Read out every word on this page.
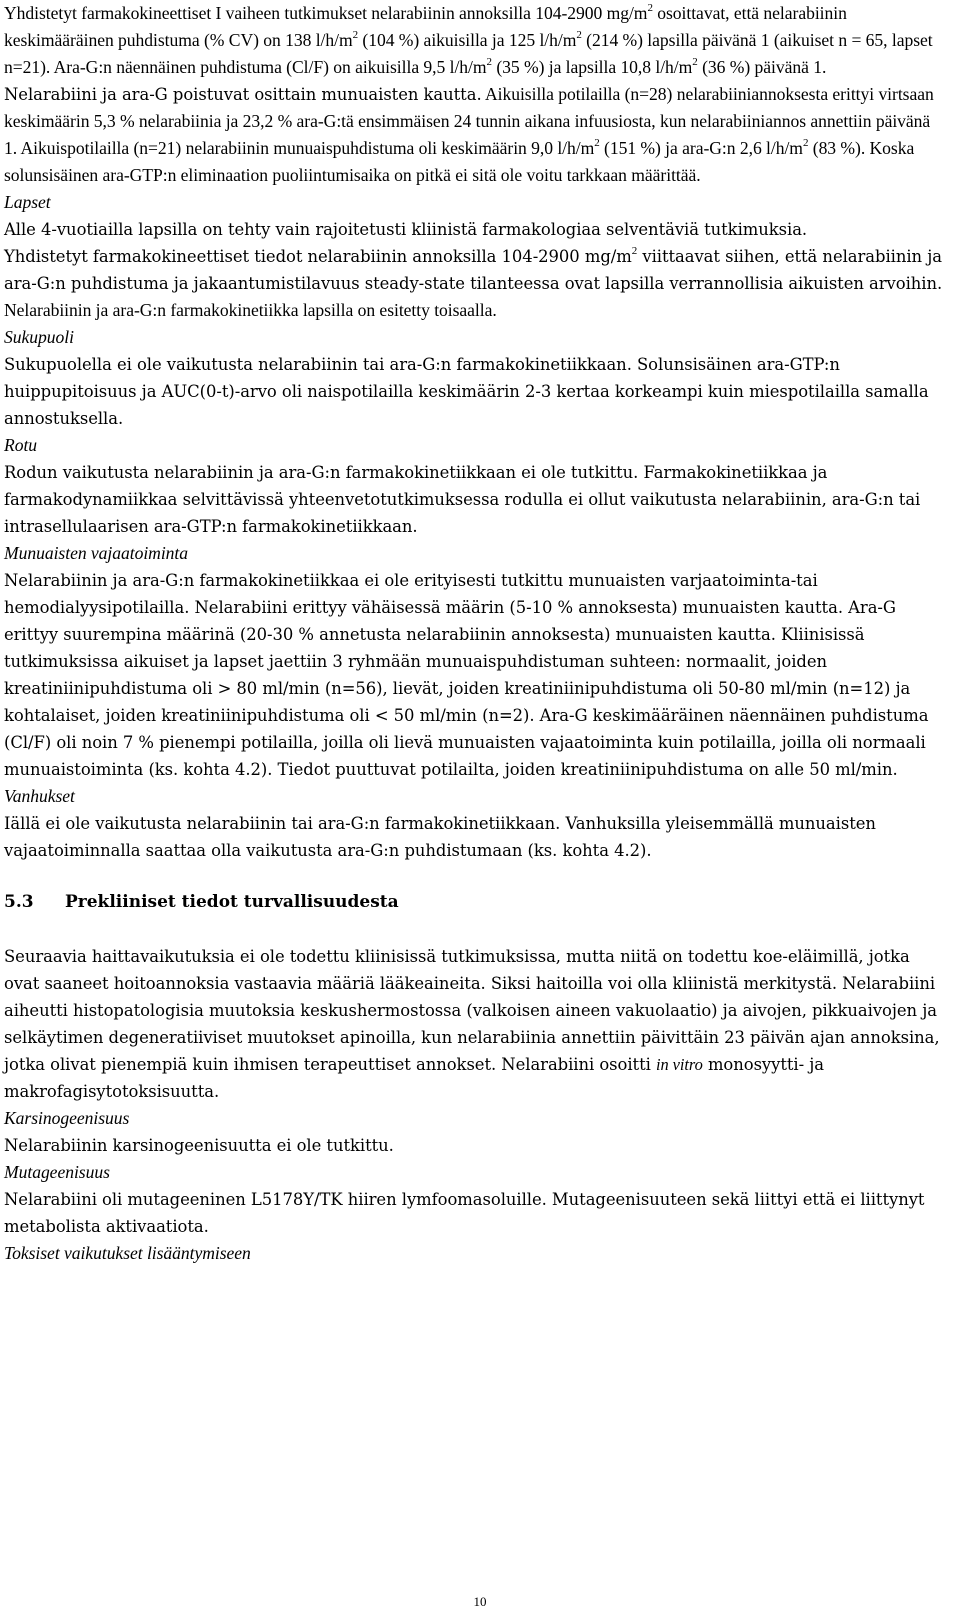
Yhdistetyt farmakokineettiset I vaiheen tutkimukset nelarabiinin annoksilla 104-2900 $mg/m^2$ osoittavat, että nelarabiinin keskimääräinen puhdistuma (% CV) on 138 $l/h/m^2$ (104 %) aikuisilla ja 125 $l/h/m^2$ (214 %) lapsilla päivänä 1 (aikuiset n = 65, lapset n=21). Ara-G:n näennäinen puhdistuma (Cl/F) on aikuisilla 9,5 $l/h/m^2$ (35 %) ja lapsilla 10,8 $l/h/m^2$ (36 %) päivänä 1.

Nelarabiini ja ara-G poistuvat osittain munuaisten kautta. Aikuisilla potilailla (n=28) nelarabiiniannoksesta erittyi virtsaan keskimäärin 5,3 % nelarabiinia ja 23,2 % ara-G:tä ensimmäisen 24 tunnin aikana infuusiosta, kun nelarabiiniannos annettiin päivänä 1. Aikuispotilailla (n=21) nelarabiinin munuaispuhdistuma oli keskimäärin 9,0 $l/h/m^2$ (151 %) ja ara-G:n 2,6 $l/h/m^2$ (83 %). Koska solunsisäinen ara-GTP:n eliminaation puoliintumisaika on pitkä ei sitä ole voitu tarkkaan määrittää.

Lapset

Alle 4-vuotiailla lapsilla on tehty vain rajoitetusti kliinistä farmakologiaa selventäviä tutkimuksia.

Yhdistetyt farmakokineettiset tiedot nelarabiinin annoksilla 104-2900 $mg/m^2$ viittaavat siihen, että nelarabiinin ja ara-G:n puhdistuma ja jakaantumistilavuus steady-state tilanteessa ovat lapsilla verrannollisia aikuisten arvoihin. Nelarabiinin ja ara-G:n farmakokinetiikka lapsilla on esitetty toisaalla.

Sukupuoli

Sukupuolella ei ole vaikutusta nelarabiinin tai ara-G:n farmakokinetiikkaan. Solunsisäinen ara-GTP:n huippupitoisuus ja AUC(0-t)-arvo oli naispotilailla keskimäärin 2-3 kertaa korkeampi kuin miespotilailla samalla annostuksella.

Rotu

Rodun vaikutusta nelarabiinin ja ara-G:n farmakokinetiikkaan ei ole tutkittu. Farmakokinetiikkaa ja farmakodynamiikkaa selvittävissä yhteenvetotutkimuksessa rodulla ei ollut vaikutusta nelarabiinin, ara-G:n tai intrasellulaarisen ara-GTP:n farmakokinetiikkaan.

Munuaisten vajaatoiminta

Nelarabiinin ja ara-G:n farmakokinetiikkaa ei ole erityisesti tutkittu munuaisten varjaatoiminta-tai hemodialyysipotilailla. Nelarabiini erittyy vähäisessä määrin (5-10 % annoksesta) munuaisten kautta. Ara-G erittyy suurempina määrinä (20-30 % annetusta nelarabiinin annoksesta) munuaisten kautta. Kliinisissä tutkimuksissa aikuiset ja lapset jaettiin 3 ryhmään munuaispuhdistuman suhteen: normaalit, joiden kreatiniinipuhdistuma oli > 80 ml/min (n=56), lievät, joiden kreatiniinipuhdistuma oli 50-80 ml/min (n=12) ja kohtalaiset, joiden kreatiniinipuhdistuma oli < 50 ml/min (n=2). Ara-G keskimääräinen näennäinen puhdistuma (Cl/F) oli noin 7 % pienempi potilailla, joilla oli lievä munuaisten vajaatoiminta kuin potilailla, joilla oli normaali munuaistoiminta (ks. kohta 4.2). Tiedot puuttuvat potilailta, joiden kreatiniinipuhdistuma on alle 50 ml/min.

Vanhukset

Iällä ei ole vaikutusta nelarabiinin tai ara-G:n farmakokinetiikkaan. Vanhuksilla yleisemmällä munuaisten vajaatoiminnalla saattaa olla vaikutusta ara-G:n puhdistumaan (ks. kohta 4.2).

5.3 Prekliiniset tiedot turvallisuudesta

Seuraavia haittavaikutuksia ei ole todettu kliinisissä tutkimuksissa, mutta niitä on todettu koe-eläimillä, jotka ovat saaneet hoitoannoksia vastaavia määriä lääkeaineita. Siksi haitoilla voi olla kliinistä merkitystä. Nelarabiini aiheutti histopatologisia muutoksia keskushermostossa (valkoisen aineen vakuolaatio) ja aivojen, pikkuaivojen ja selkäytimen degeneratiiviset muutokset apinoilla, kun nelarabiinia annettiin päivittäin 23 päivän ajan annoksina, jotka olivat pienempiä kuin ihmisen terapeuttiset annokset. Nelarabiini osoitti in vitro monosyytti- ja makrofagisytotoksisuutta.

Karsinogeenisuus

Nelarabiinin karsinogeenisuutta ei ole tutkittu.

Mutageenisuus

Nelarabiini oli mutageeninen L5178Y/TK hiiren lymfoomasoluille. Mutageenisuuteen sekä liittyi että ei liittynyt metabolista aktivaatiota.

Toksiset vaikutukset lisääntymiseen

10
